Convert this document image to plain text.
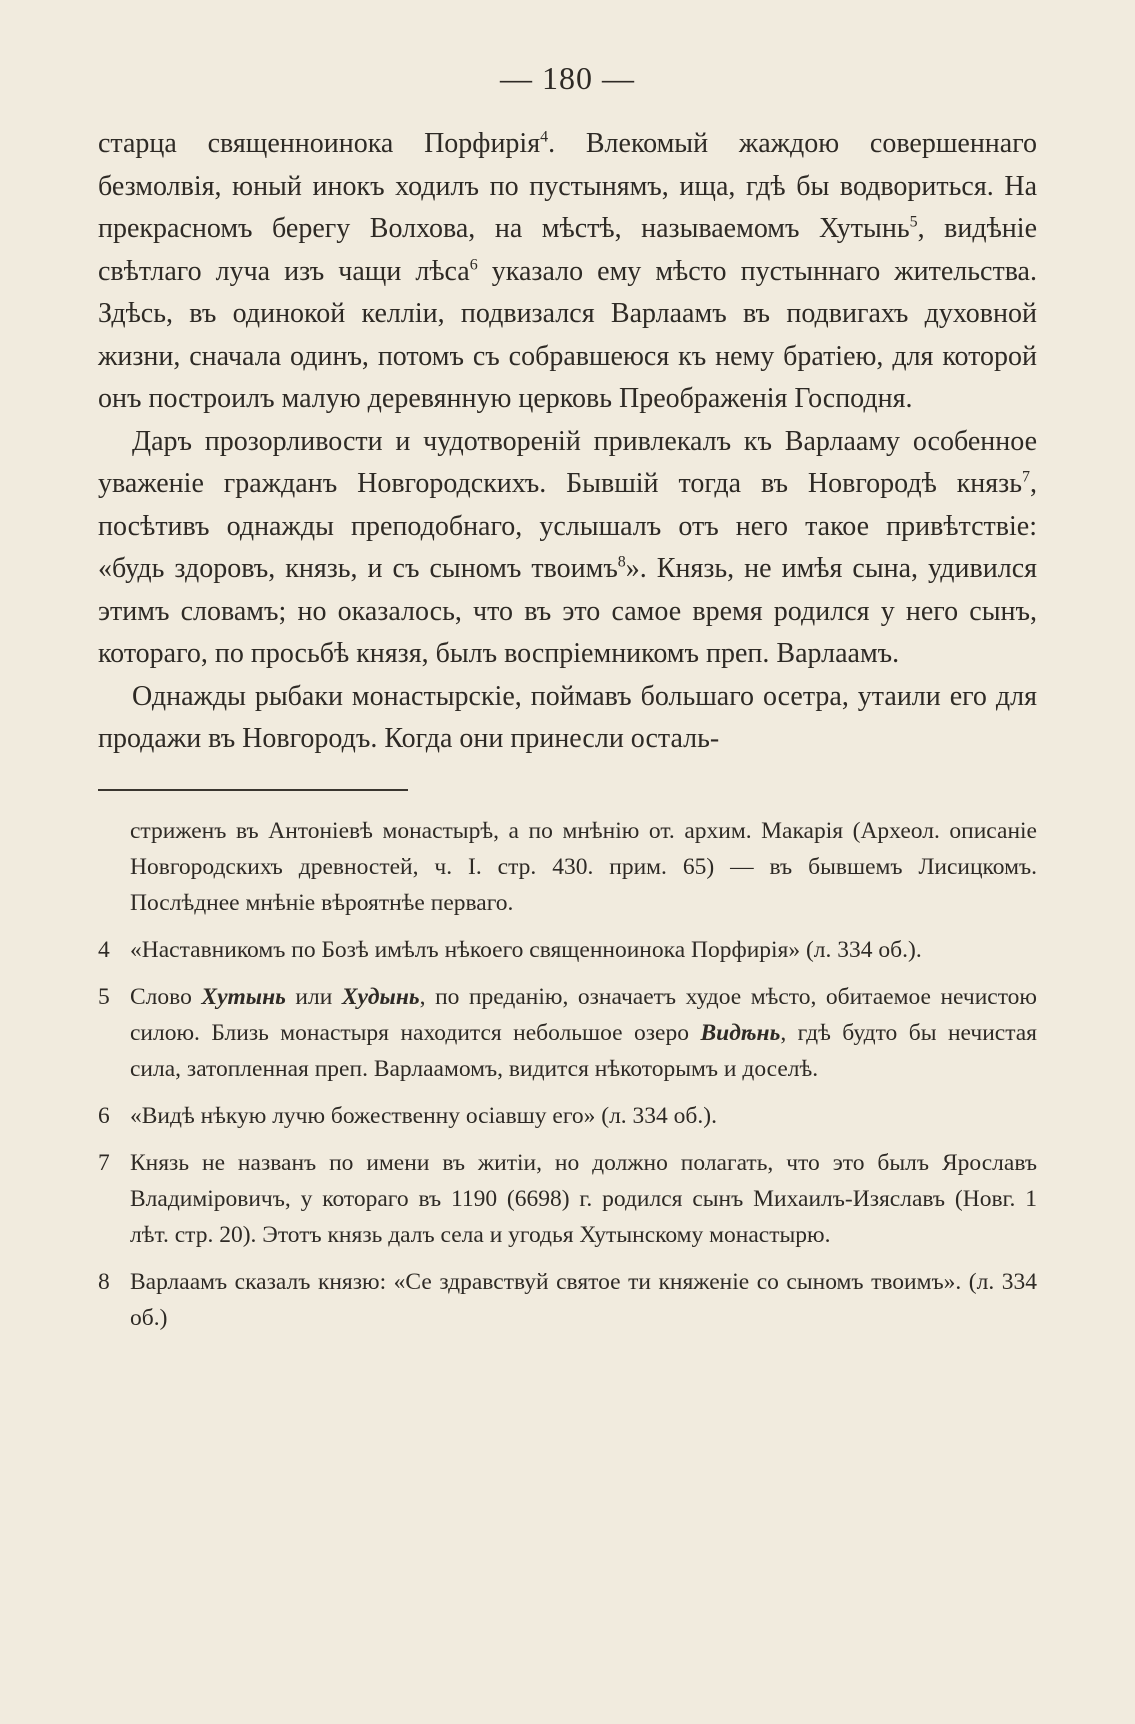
— 180 —

старца священноинока Порфирія$^4$. Влекомый жаждою совершеннаго безмолвія, юный инокъ ходилъ по пустынямъ, ища, гдѣ бы водвориться. На прекрасномъ берегу Волхова, на мѣстѣ, называемомъ Хутынь$^5$, видѣніе свѣтлаго луча изъ чащи лѣса$^6$ указало ему мѣсто пустыннаго жительства. Здѣсь, въ одинокой келліи, подвизался Варлаамъ въ подвигахъ духовной жизни, сначала одинъ, потомъ съ собравшеюся къ нему братіею, для которой онъ построилъ малую деревянную церковь Преображенія Господня.

Даръ прозорливости и чудотвореній привлекалъ къ Варлааму особенное уваженіе гражданъ Новгородскихъ. Бывшій тогда въ Новгородѣ князь$^7$, посѣтивъ однажды преподобнаго, услышалъ отъ него такое привѣтствіе: «будь здоровъ, князь, и съ сыномъ твоимъ$^8$». Князь, не имѣя сына, удивился этимъ словамъ; но оказалось, что въ это самое время родился у него сынъ, котораго, по просьбѣ князя, былъ воспріемникомъ преп. Варлаамъ.

Однажды рыбаки монастырскіе, поймавъ большаго осетра, утаили его для продажи въ Новгородъ. Когда они принесли осталь-

стриженъ въ Антоніевѣ монастырѣ, а по мнѣнію от. архим. Макарія (Археол. описаніе Новгородскихъ древностей, ч. I. стр. 430. прим. 65) — въ бывшемъ Лисицкомъ. Послѣднее мнѣніе вѣроятнѣе перваго.
4 «Наставникомъ по Бозѣ имѣлъ нѣкоего священноинока Порфирія» (л. 334 об.).
5 Слово Хутынь или Худынь, по преданію, означаетъ худое мѣсто, обитаемое нечистою силою. Близь монастыря находится небольшое озеро Видѣнь, гдѣ будто бы нечистая сила, затопленная преп. Варлаамомъ, видится нѣкоторымъ и доселѣ.
6 «Видѣ нѣкую лучю божественну осіавшу его» (л. 334 об.).
7 Князь не названъ по имени въ житіи, но должно полагать, что это былъ Ярославъ Владиміровичъ, у котораго въ 1190 (6698) г. родился сынъ Михаилъ-Изяславъ (Новг. 1 лѣт. стр. 20). Этотъ князь далъ села и угодья Хутынскому монастырю.
8 Варлаамъ сказалъ князю: «Се здравствуй святое ти княженіе со сыномъ твоимъ». (л. 334 об.)
